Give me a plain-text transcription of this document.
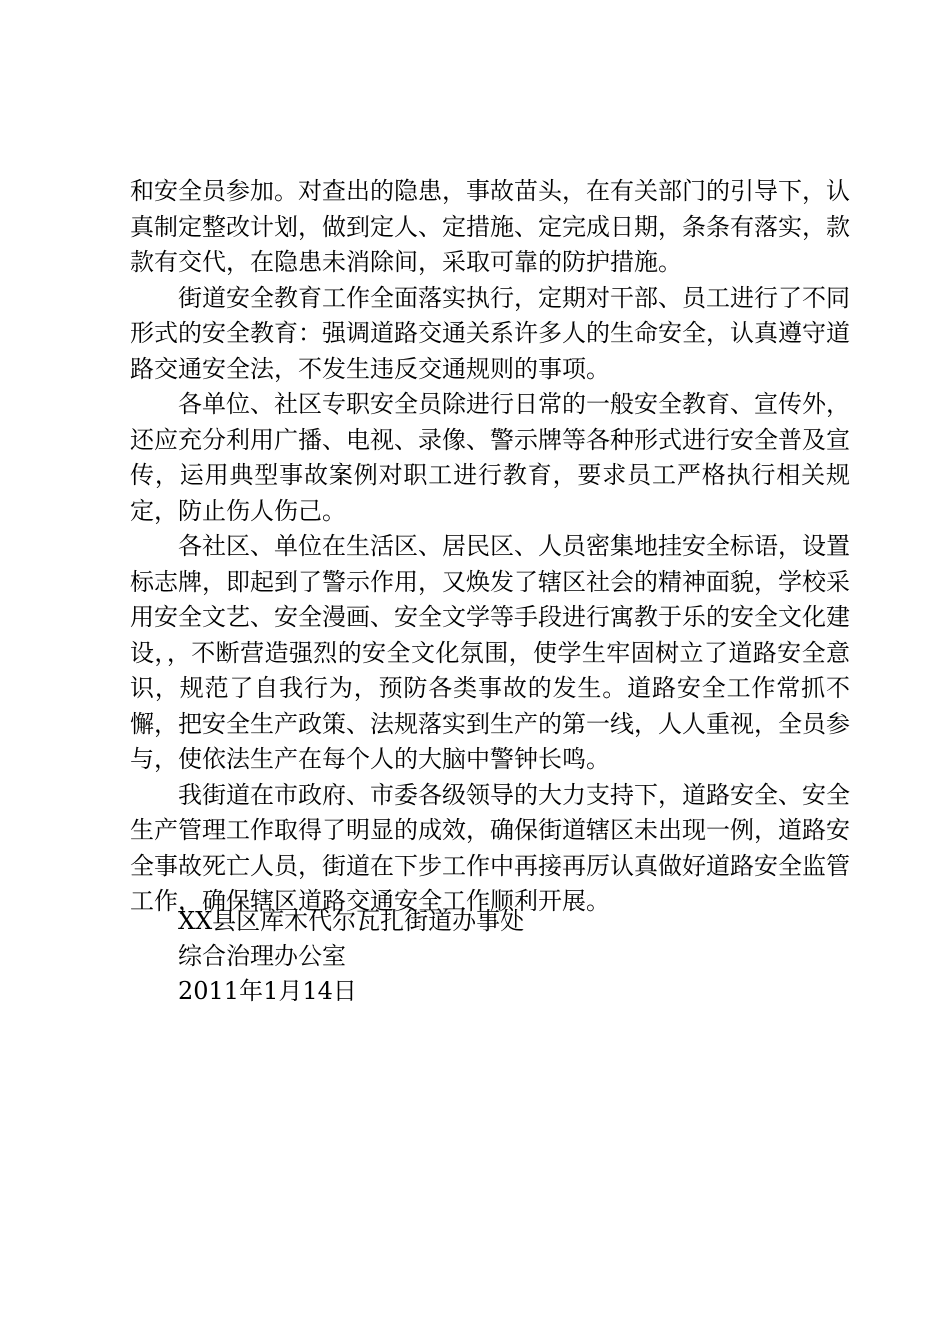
和安全员参加。对查出的隐患，事故苗头，在有关部门的引导下，认真制定整改计划，做到定人、定措施、定完成日期，条条有落实，款款有交代，在隐患未消除间，采取可靠的防护措施。

街道安全教育工作全面落实执行，定期对干部、员工进行了不同形式的安全教育：强调道路交通关系许多人的生命安全，认真遵守道路交通安全法，不发生违反交通规则的事项。

各单位、社区专职安全员除进行日常的一般安全教育、宣传外，还应充分利用广播、电视、录像、警示牌等各种形式进行安全普及宣传，运用典型事故案例对职工进行教育，要求员工严格执行相关规定，防止伤人伤己。

各社区、单位在生活区、居民区、人员密集地挂安全标语，设置标志牌，即起到了警示作用，又焕发了辖区社会的精神面貌，学校采用安全文艺、安全漫画、安全文学等手段进行寓教于乐的安全文化建设，，不断营造强烈的安全文化氛围，使学生牢固树立了道路安全意识，规范了自我行为，预防各类事故的发生。道路安全工作常抓不懈，把安全生产政策、法规落实到生产的第一线，人人重视，全员参与，使依法生产在每个人的大脑中警钟长鸣。

我街道在市政府、市委各级领导的大力支持下，道路安全、安全生产管理工作取得了明显的成效，确保街道辖区未出现一例，道路安全事故死亡人员，街道在下步工作中再接再厉认真做好道路安全监管工作，确保辖区道路交通安全工作顺利开展。

XX县区库木代尔瓦扎街道办事处
综合治理办公室
2011年1月14日
